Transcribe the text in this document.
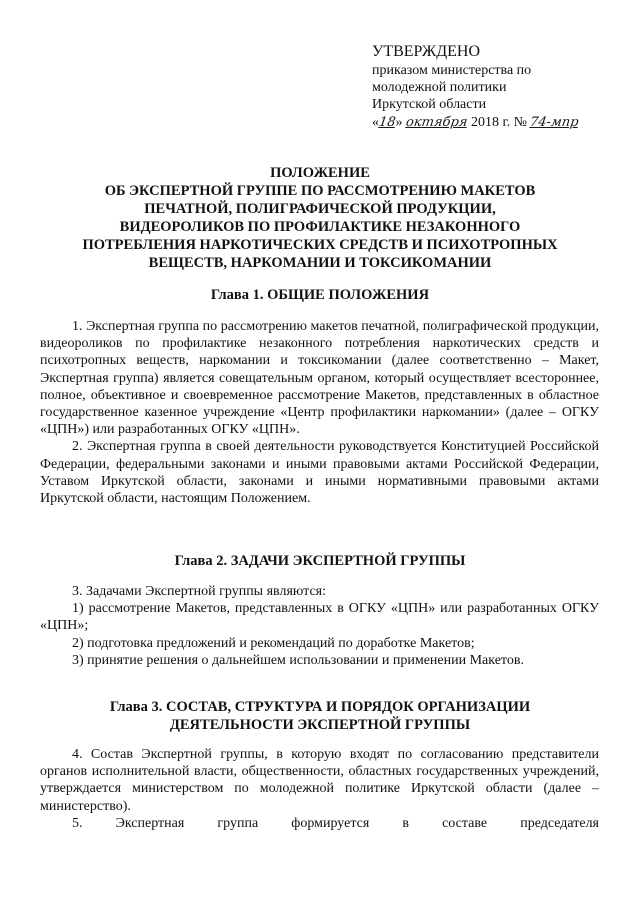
УТВЕРЖДЕНО
приказом министерства по
молодежной политики
Иркутской области
«18» октября 2018 г. № 74-мпр
ПОЛОЖЕНИЕ
ОБ ЭКСПЕРТНОЙ ГРУППЕ ПО РАССМОТРЕНИЮ МАКЕТОВ
ПЕЧАТНОЙ, ПОЛИГРАФИЧЕСКОЙ ПРОДУКЦИИ,
ВИДЕОРОЛИКОВ ПО ПРОФИЛАКТИКЕ НЕЗАКОННОГО
ПОТРЕБЛЕНИЯ НАРКОТИЧЕСКИХ СРЕДСТВ И ПСИХОТРОПНЫХ
ВЕЩЕСТВ, НАРКОМАНИИ И ТОКСИКОМАНИИ
Глава 1. ОБЩИЕ ПОЛОЖЕНИЯ

1. Экспертная группа по рассмотрению макетов печатной, полиграфической продукции, видеороликов по профилактике незаконного потребления наркотических средств и психотропных веществ, наркомании и токсикомании (далее соответственно – Макет, Экспертная группа) является совещательным органом, который осуществляет всестороннее, полное, объективное и своевременное рассмотрение Макетов, представленных в областное государственное казенное учреждение «Центр профилактики наркомании» (далее – ОГКУ «ЦПН») или разработанных ОГКУ «ЦПН».

2. Экспертная группа в своей деятельности руководствуется Конституцией Российской Федерации, федеральными законами и иными правовыми актами Российской Федерации, Уставом Иркутской области, законами и иными нормативными правовыми актами Иркутской области, настоящим Положением.

Глава 2. ЗАДАЧИ ЭКСПЕРТНОЙ ГРУППЫ

3. Задачами Экспертной группы являются:

1) рассмотрение Макетов, представленных в ОГКУ «ЦПН» или разработанных ОГКУ «ЦПН»;

2) подготовка предложений и рекомендаций по доработке Макетов;

3) принятие решения о дальнейшем использовании и применении Макетов.

Глава 3. СОСТАВ, СТРУКТУРА И ПОРЯДОК ОРГАНИЗАЦИИ
ДЕЯТЕЛЬНОСТИ ЭКСПЕРТНОЙ ГРУППЫ

4. Состав Экспертной группы, в которую входят по согласованию представители органов исполнительной власти, общественности, областных государственных учреждений, утверждается министерством по молодежной политике Иркутской области (далее – министерство).

5. Экспертная группа формируется в составе председателя
